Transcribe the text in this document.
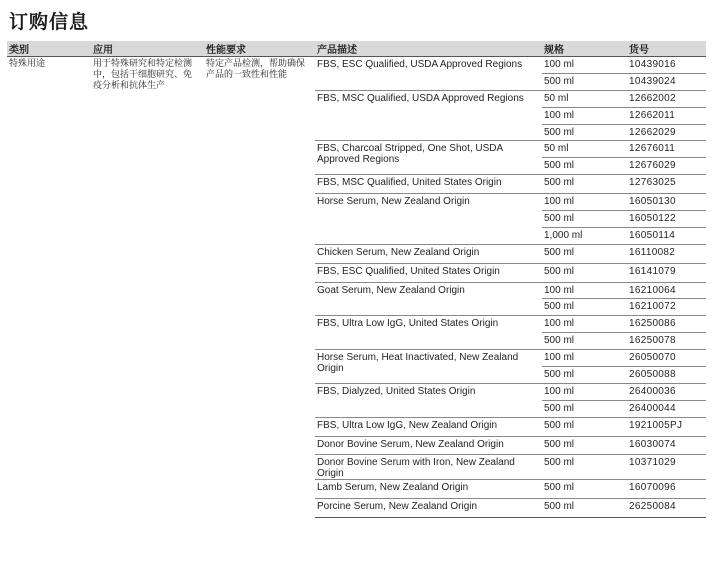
订购信息
类别	应用	性能要求	产品描述	规格	货号
特殊用途	用于特殊研究和特定检测中，包括干细胞研究、免疫分析和抗体生产	特定产品检测，帮助确保产品的一致性和性能	FBS, ESC Qualified, USDA Approved Regions	100 ml	10439016
				500 ml	10439024
			FBS, MSC Qualified, USDA Approved Regions	50 ml	12662002
				100 ml	12662011
				500 ml	12662029
			FBS, Charcoal Stripped, One Shot, USDA Approved Regions	50 ml	12676011
				500 ml	12676029
			FBS, MSC Qualified, United States Origin	500 ml	12763025
			Horse Serum, New Zealand Origin	100 ml	16050130
				500 ml	16050122
				1,000 ml	16050114
			Chicken Serum, New Zealand Origin	500 ml	16110082
			FBS, ESC Qualified, United States Origin	500 ml	16141079
			Goat Serum, New Zealand Origin	100 ml	16210064
				500 ml	16210072
			FBS, Ultra Low IgG, United States Origin	100 ml	16250086
				500 ml	16250078
			Horse Serum, Heat Inactivated, New Zealand Origin	100 ml	26050070
				500 ml	26050088
			FBS, Dialyzed, United States Origin	100 ml	26400036
				500 ml	26400044
			FBS, Ultra Low IgG, New Zealand Origin	500 ml	1921005PJ
			Donor Bovine Serum, New Zealand Origin	500 ml	16030074
			Donor Bovine Serum with Iron, New Zealand Origin	500 ml	10371029
			Lamb Serum, New Zealand Origin	500 ml	16070096
			Porcine Serum, New Zealand Origin	500 ml	26250084
